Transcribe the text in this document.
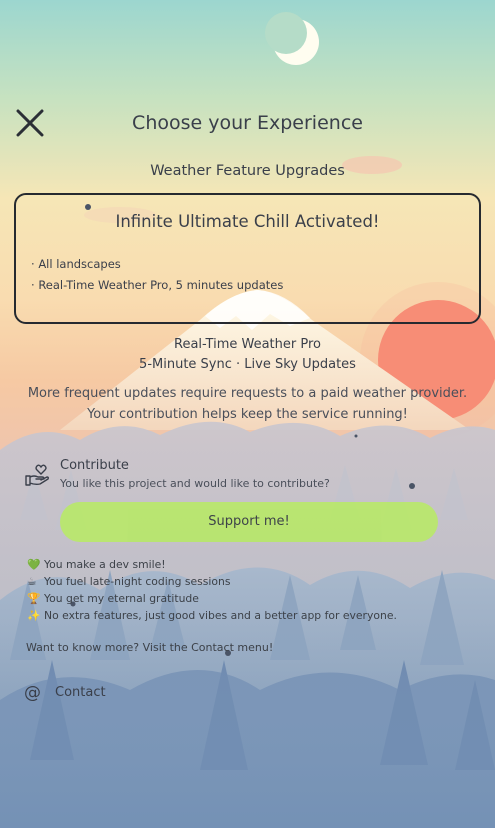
Choose your Experience
Weather Feature Upgrades
Infinite Ultimate Chill Activated!
· All landscapes
· Real-Time Weather Pro, 5 minutes updates
Real-Time Weather Pro
5-Minute Sync · Live Sky Updates
More frequent updates require requests to a paid weather provider. Your contribution helps keep the service running!
Contribute
You like this project and would like to contribute?
Support me!
💚 You make a dev smile!
☕ You fuel late-night coding sessions
🏆 You get my eternal gratitude
✨ No extra features, just good vibes and a better app for everyone.
Want to know more? Visit the Contact menu!
@ Contact
